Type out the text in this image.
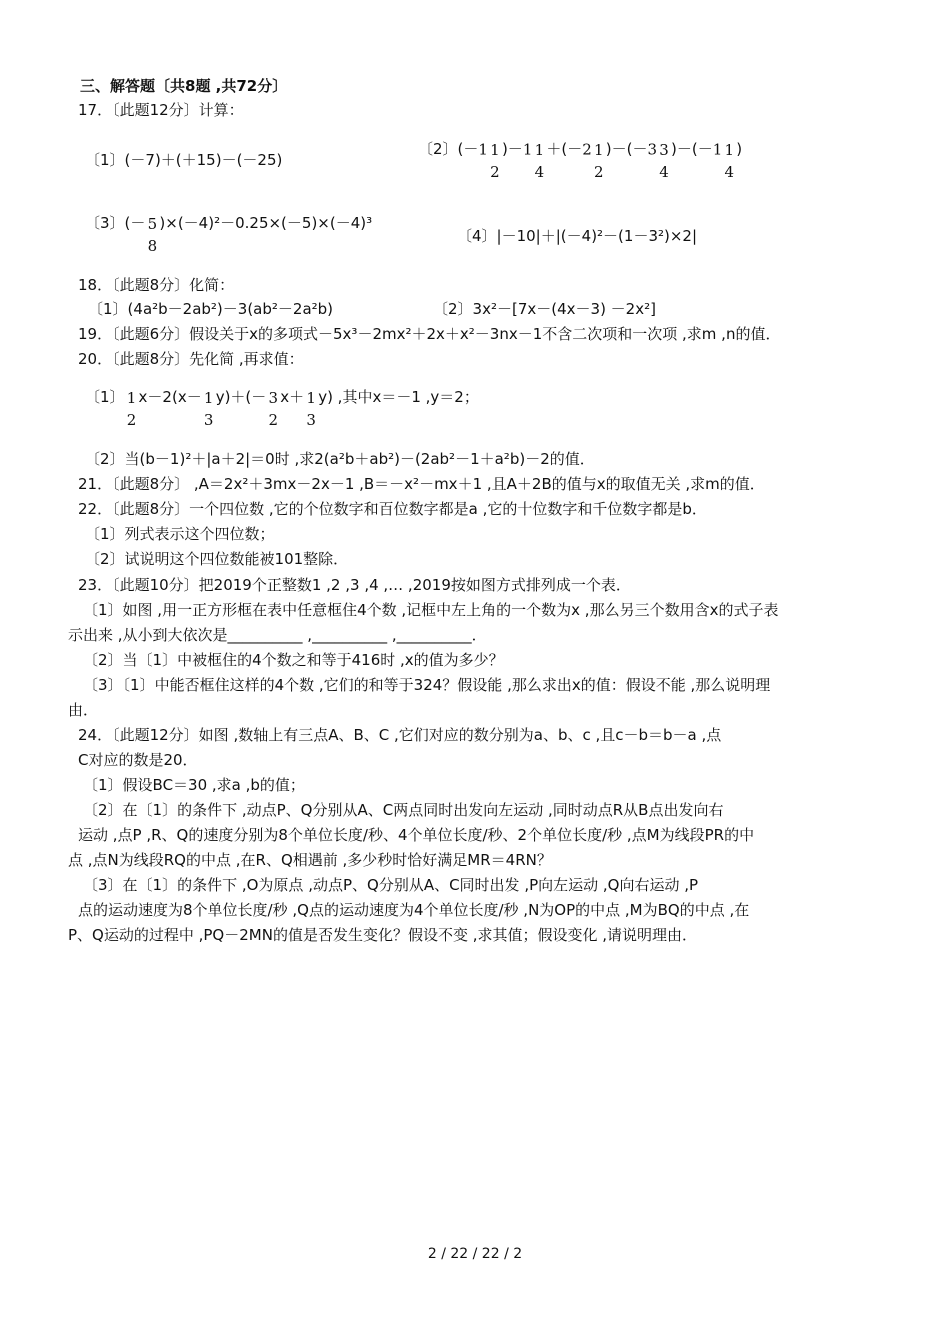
三、解答题〔共8题 ,共72分〕
17．〔此题12分〕计算：
〔1〕(－7)＋(＋15)－(－25)
〔2〕(－1 1
2
)－1 1
4
＋(－2 1
2
)－(－3 3
4
)－(－1 1
4
)
〔3〕(－ 5
8
)×(－4)²－0.25×(－5)×(－4)³
〔4〕|－10|＋|(－4)²－(1－3²)×2|
18．〔此题8分〕化简：
〔1〕(4a²b－2ab²)－3(ab²－2a²b)	〔2〕3x²－[7x－(4x－3) －2x²]
19．〔此题6分〕假设关于x的多项式－5x³－2mx²＋2x＋x²－3nx－1不含二次项和一次项 ,求m ,n的值．
20．〔此题8分〕先化简 ,再求值：
〔1〕 1
2
x－2(x－ 1
3
y)＋(－ 3
2
x＋ 1
3
y) ,其中x＝－1 ,y＝2；
〔2〕当(b－1)²＋|a＋2|＝0时 ,求2(a²b＋ab²)－(2ab²－1＋a²b)－2的值．
21．〔此题8分〕 ,A＝2x²＋3mx－2x－1 ,B＝－x²－mx＋1 ,且A＋2B的值与x的取值无关 ,求m的值．
22．〔此题8分〕一个四位数 ,它的个位数字和百位数字都是a ,它的十位数字和千位数字都是b．
〔1〕列式表示这个四位数；
〔2〕试说明这个四位数能被101整除．
23．〔此题10分〕把2019个正整数1 ,2 ,3 ,4 ,… ,2019按如图方式排列成一个表．
〔1〕如图 ,用一正方形框在表中任意框住4个数 ,记框中左上角的一个数为x ,那么另三个数用含x的式子表
示出来 ,从小到大依次是__________ ,__________ ,__________．
〔2〕当〔1〕中被框住的4个数之和等于416时 ,x的值为多少？
〔3〕〔1〕中能否框住这样的4个数 ,它们的和等于324？假设能 ,那么求出x的值：假设不能 ,那么说明理
由．
24．〔此题12分〕如图 ,数轴上有三点A、B、C ,它们对应的数分别为a、b、c ,且c－b＝b－a ,点
C对应的数是20．
〔1〕假设BC＝30 ,求a ,b的值；
〔2〕在〔1〕的条件下 ,动点P、Q分别从A、C两点同时出发向左运动 ,同时动点R从B点出发向右
运动 ,点P ,R、Q的速度分别为8个单位长度/秒、4个单位长度/秒、2个单位长度/秒 ,点M为线段PR的中
点 ,点N为线段RQ的中点 ,在R、Q相遇前 ,多少秒时恰好满足MR＝4RN？
〔3〕在〔1〕的条件下 ,O为原点 ,动点P、Q分别从A、C同时出发 ,P向左运动 ,Q向右运动 ,P
点的运动速度为8个单位长度/秒 ,Q点的运动速度为4个单位长度/秒 ,N为OP的中点 ,M为BQ的中点 ,在
P、Q运动的过程中 ,PQ－2MN的值是否发生变化？假设不变 ,求其值；假设变化 ,请说明理由．
2 / 22 / 22 / 2
